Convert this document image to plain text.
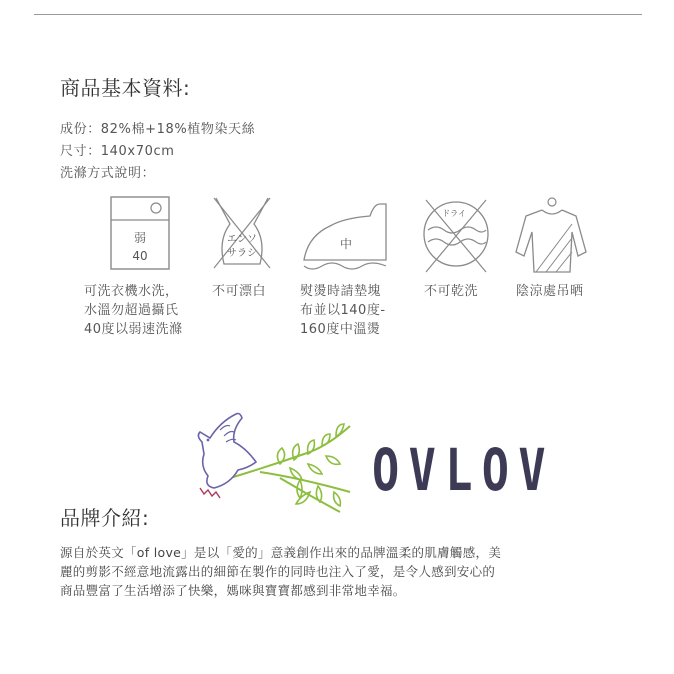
商品基本資料:
成份：82%棉+18%植物染天絲
尺寸：140x70cm
洗滌方式說明：
弱
40
エンソ
サラシ
中
ドライ
可洗衣機水洗，
水溫勿超過攝氏
40度以弱速洗滌
不可漂白	熨燙時請墊塊
布並以140度-
160度中溫燙
不可乾洗	陰涼處吊晒
OVLOV
品牌介紹:
源自於英文「of love」是以「愛的」意義創作出來的品牌溫柔的肌膚觸感，美
麗的剪影不經意地流露出的細節在製作的同時也注入了愛，是令人感到安心的
商品豐富了生活增添了快樂，媽咪與寶寶都感到非常地幸福。
